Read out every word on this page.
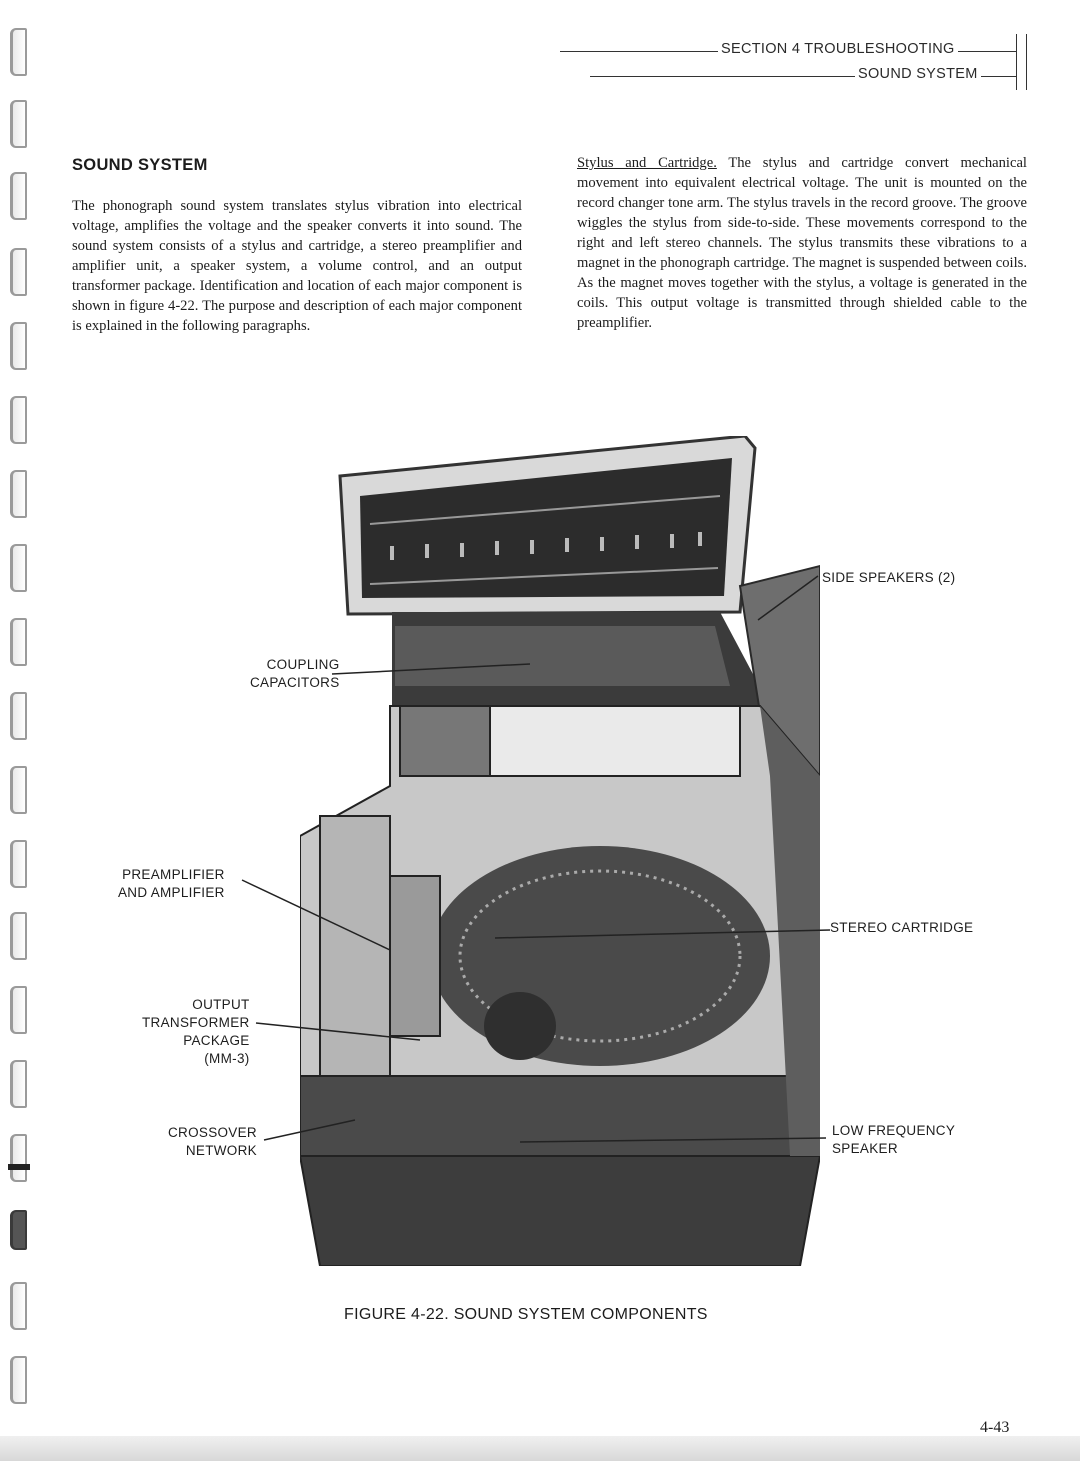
SECTION 4 TROUBLESHOOTING
SOUND SYSTEM
SOUND SYSTEM
The phonograph sound system translates stylus vibration into electrical voltage, amplifies the voltage and the speaker converts it into sound. The sound system consists of a stylus and cartridge, a stereo preamplifier and amplifier unit, a speaker system, a volume control, and an output transformer package. Identification and location of each major component is shown in figure 4-22. The purpose and description of each major component is explained in the following paragraphs.
Stylus and Cartridge. The stylus and cartridge convert mechanical movement into equivalent electrical voltage. The unit is mounted on the record changer tone arm. The stylus travels in the record groove. The groove wiggles the stylus from side-to-side. These movements correspond to the right and left stereo channels. The stylus transmits these vibrations to a magnet in the phonograph cartridge. The magnet is suspended between coils. As the magnet moves together with the stylus, a voltage is generated in the coils. This output voltage is transmitted through shielded cable to the preamplifier.
COUPLING
CAPACITORS
PREAMPLIFIER
AND AMPLIFIER
OUTPUT
TRANSFORMER
PACKAGE
(MM-3)
CROSSOVER
NETWORK
SIDE SPEAKERS (2)
STEREO CARTRIDGE
LOW FREQUENCY
SPEAKER
FIGURE 4-22. SOUND SYSTEM COMPONENTS
4-43
